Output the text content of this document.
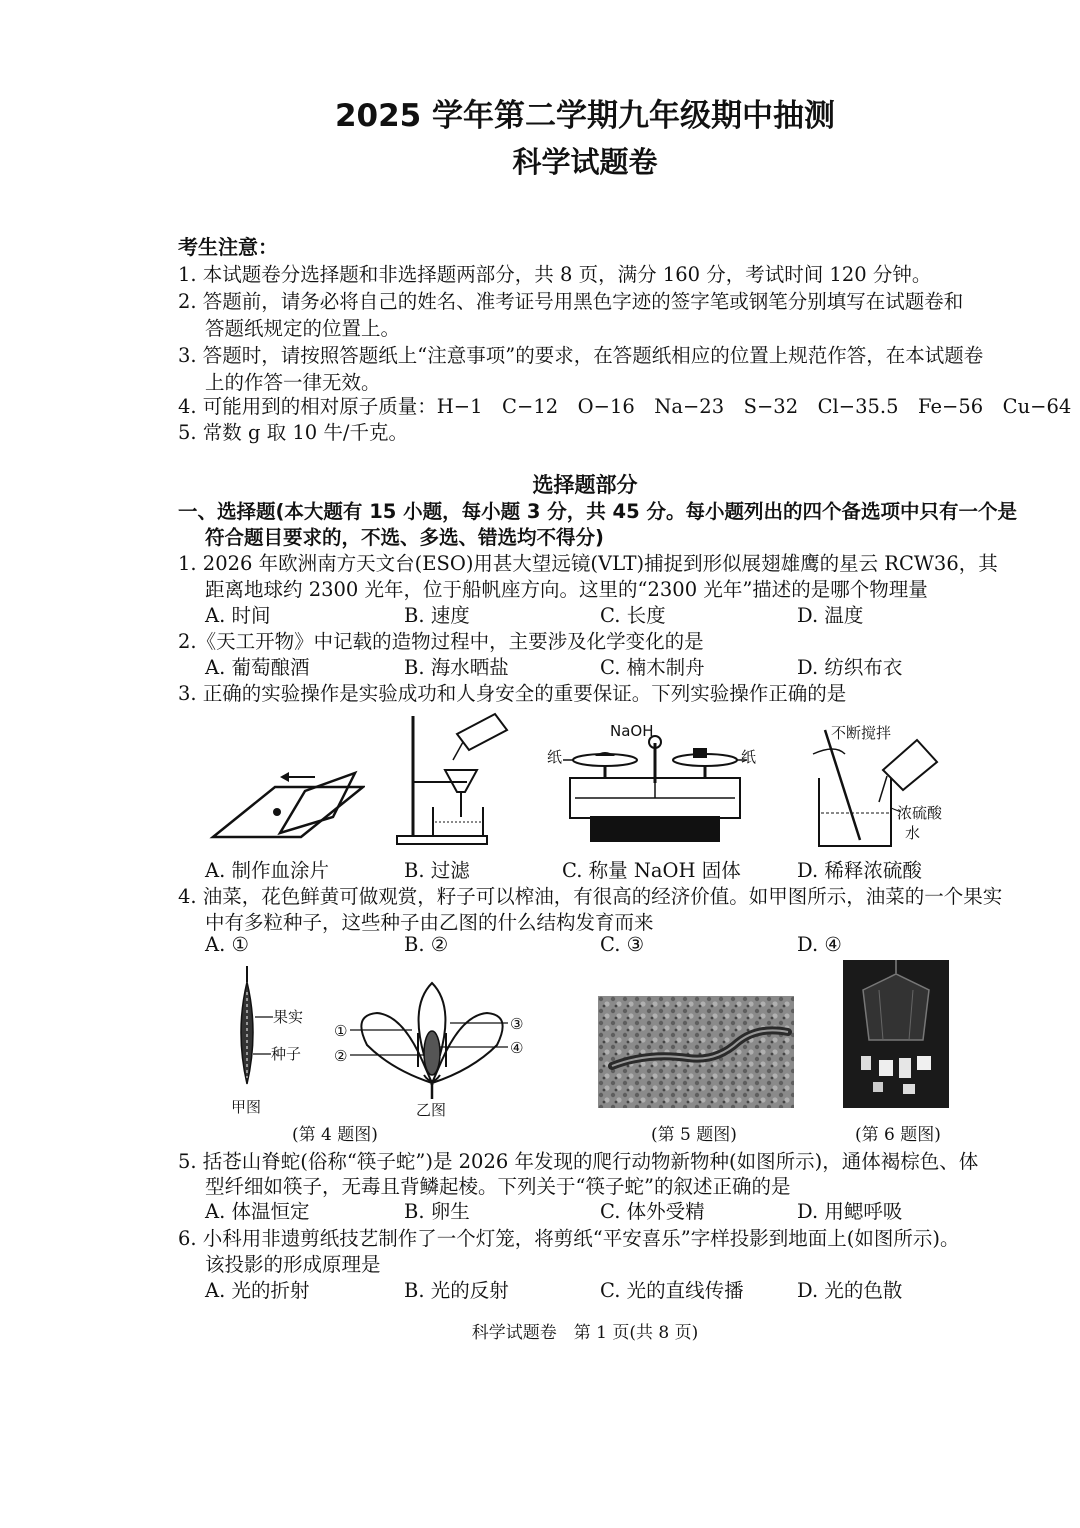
2025 学年第二学期九年级期中抽测
科学试题卷
考生注意：
1. 本试题卷分选择题和非选择题两部分，共 8 页，满分 160 分，考试时间 120 分钟。
2. 答题前，请务必将自己的姓名、准考证号用黑色字迹的签字笔或钢笔分别填写在试题卷和
答题纸规定的位置上。
3. 答题时，请按照答题纸上“注意事项”的要求，在答题纸相应的位置上规范作答，在本试题卷
上的作答一律无效。
4. 可能用到的相对原子质量：H−1　C−12　O−16　Na−23　S−32　Cl−35.5　Fe−56　Cu−64
5. 常数 g 取 10 牛/千克。
选择题部分
一、选择题(本大题有 15 小题，每小题 3 分，共 45 分。每小题列出的四个备选项中只有一个是
符合题目要求的，不选、多选、错选均不得分)
1. 2026 年欧洲南方天文台(ESO)用甚大望远镜(VLT)捕捉到形似展翅雄鹰的星云 RCW36，其
距离地球约 2300 光年，位于船帆座方向。这里的“2300 光年”描述的是哪个物理量
A. 时间	B. 速度	C. 长度	D. 温度
2.《天工开物》中记载的造物过程中，主要涉及化学变化的是
A. 葡萄酿酒	B. 海水晒盐	C. 楠木制舟	D. 纺织布衣
3. 正确的实验操作是实验成功和人身安全的重要保证。下列实验操作正确的是
NaOH
纸	纸
不断搅拌
浓硫酸
水
A. 制作血涂片	B. 过滤	C. 称量 NaOH 固体	D. 稀释浓硫酸
4. 油菜，花色鲜黄可做观赏，籽子可以榨油，有很高的经济价值。如甲图所示，油菜的一个果实
中有多粒种子，这些种子由乙图的什么结构发育而来
A. ①	B. ②	C. ③	D. ④
果实
种子
甲图
①
②
③
④
乙图
(第 4 题图)	(第 5 题图)	(第 6 题图)
5. 括苍山脊蛇(俗称“筷子蛇”)是 2026 年发现的爬行动物新物种(如图所示)，通体褐棕色、体
型纤细如筷子，无毒且背鳞起棱。下列关于“筷子蛇”的叙述正确的是
A. 体温恒定	B. 卵生	C. 体外受精	D. 用鳃呼吸
6. 小科用非遗剪纸技艺制作了一个灯笼，将剪纸“平安喜乐”字样投影到地面上(如图所示)。
该投影的形成原理是
A. 光的折射	B. 光的反射	C. 光的直线传播	D. 光的色散
科学试题卷　第 1 页(共 8 页)
